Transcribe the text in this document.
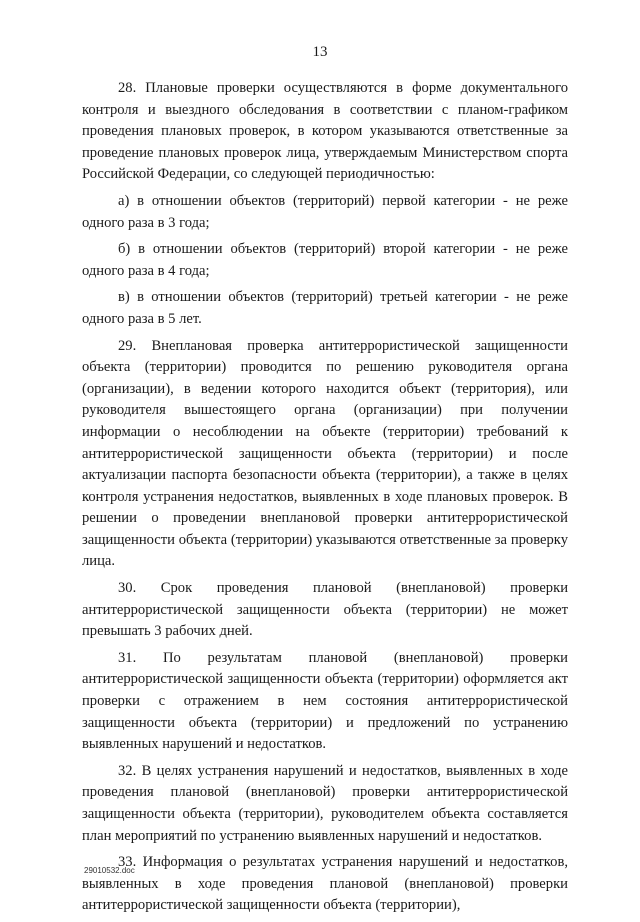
13

28. Плановые проверки осуществляются в форме документального контроля и выездного обследования в соответствии с планом-графиком проведения плановых проверок, в котором указываются ответственные за проведение плановых проверок лица, утверждаемым Министерством спорта Российской Федерации, со следующей периодичностью:

а) в отношении объектов (территорий) первой категории - не реже одного раза в 3 года;

б) в отношении объектов (территорий) второй категории - не реже одного раза в 4 года;

в) в отношении объектов (территорий) третьей категории - не реже одного раза в 5 лет.

29. Внеплановая проверка антитеррористической защищенности объекта (территории) проводится по решению руководителя органа (организации), в ведении которого находится объект (территория), или руководителя вышестоящего органа (организации) при получении информации о несоблюдении на объекте (территории) требований к антитеррористической защищенности объекта (территории) и после актуализации паспорта безопасности объекта (территории), а также в целях контроля устранения недостатков, выявленных в ходе плановых проверок. В решении о проведении внеплановой проверки антитеррористической защищенности объекта (территории) указываются ответственные за проверку лица.

30. Срок проведения плановой (внеплановой) проверки антитеррористической защищенности объекта (территории) не может превышать 3 рабочих дней.

31. По результатам плановой (внеплановой) проверки антитеррористической защищенности объекта (территории) оформляется акт проверки с отражением в нем состояния антитеррористической защищенности объекта (территории) и предложений по устранению выявленных нарушений и недостатков.

32. В целях устранения нарушений и недостатков, выявленных в ходе проведения плановой (внеплановой) проверки антитеррористической защищенности объекта (территории), руководителем объекта составляется план мероприятий по устранению выявленных нарушений и недостатков.

33. Информация о результатах устранения нарушений и недостатков, выявленных в ходе проведения плановой (внеплановой) проверки антитеррористической защищенности объекта (территории),

29010532.doc
